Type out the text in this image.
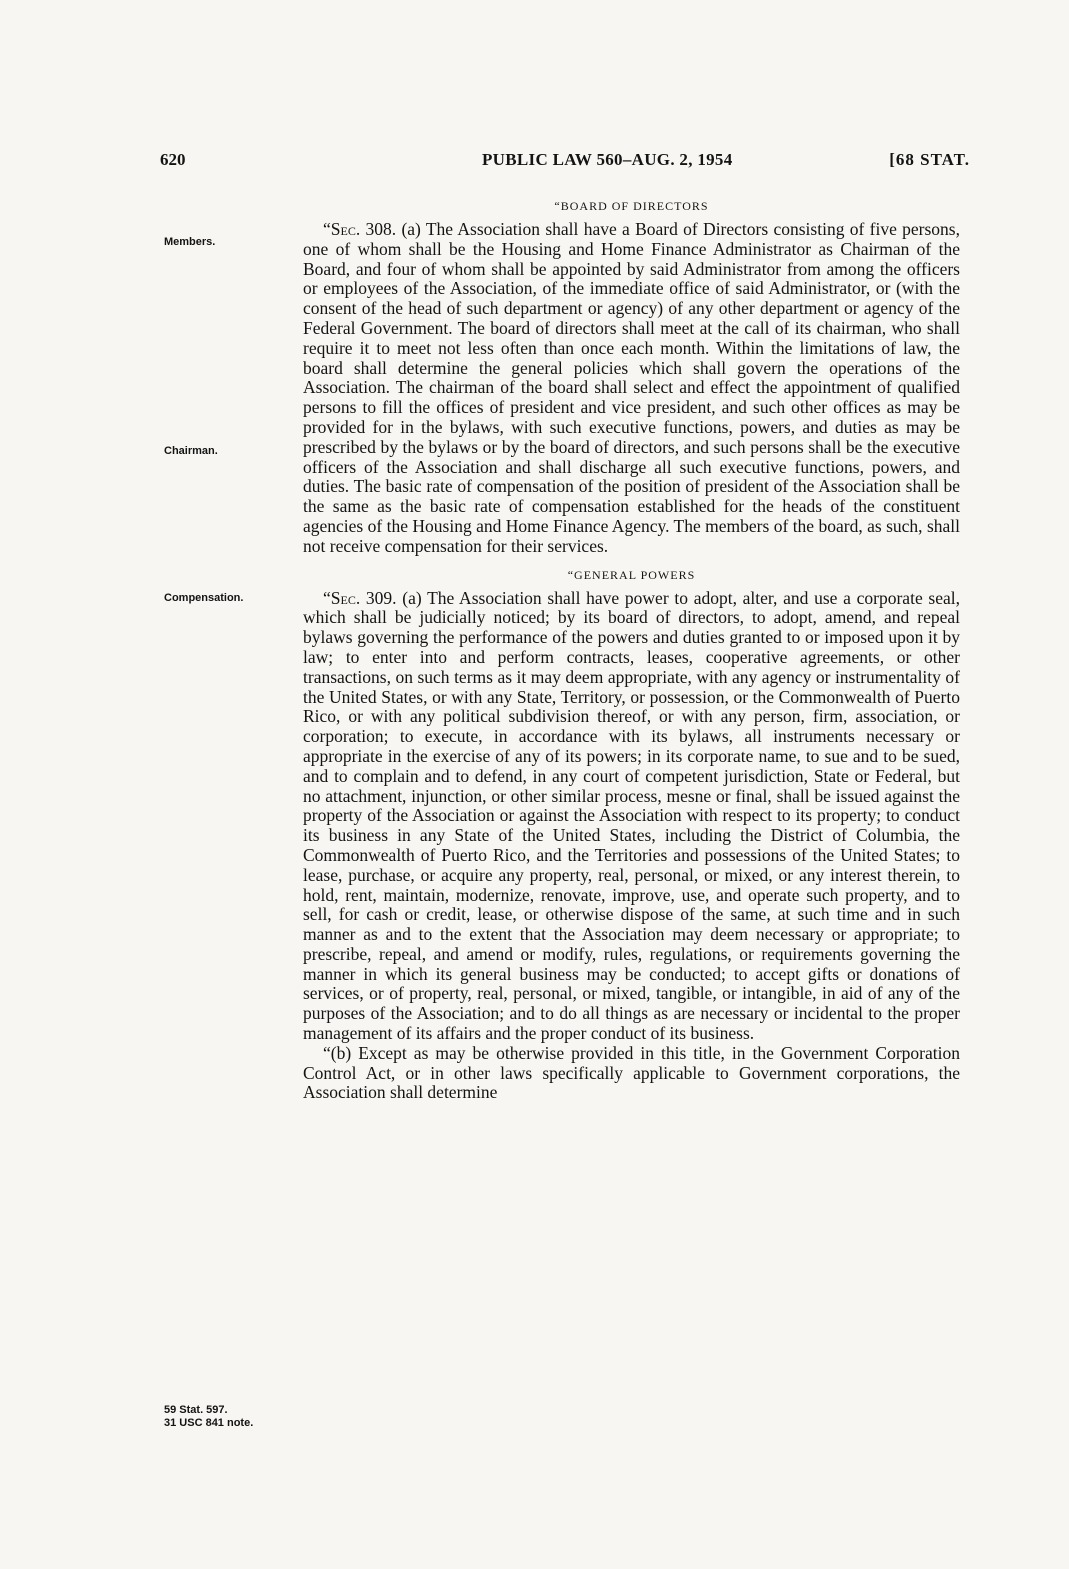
620	PUBLIC LAW 560–AUG. 2, 1954	[68 STAT.
Members.
Chairman.
Compensation.
59 Stat. 597.
31 USC 841 note.
“BOARD OF DIRECTORS

“Sec. 308. (a) The Association shall have a Board of Directors consisting of five persons, one of whom shall be the Housing and Home Finance Administrator as Chairman of the Board, and four of whom shall be appointed by said Administrator from among the officers or employees of the Association, of the immediate office of said Administrator, or (with the consent of the head of such department or agency) of any other department or agency of the Federal Government. The board of directors shall meet at the call of its chairman, who shall require it to meet not less often than once each month. Within the limitations of law, the board shall determine the general policies which shall govern the operations of the Association. The chairman of the board shall select and effect the appointment of qualified persons to fill the offices of president and vice president, and such other offices as may be provided for in the bylaws, with such executive functions, powers, and duties as may be prescribed by the bylaws or by the board of directors, and such persons shall be the executive officers of the Association and shall discharge all such executive functions, powers, and duties. The basic rate of compensation of the position of president of the Association shall be the same as the basic rate of compensation established for the heads of the constituent agencies of the Housing and Home Finance Agency. The members of the board, as such, shall not receive compensation for their services.

“GENERAL POWERS

“Sec. 309. (a) The Association shall have power to adopt, alter, and use a corporate seal, which shall be judicially noticed; by its board of directors, to adopt, amend, and repeal bylaws governing the performance of the powers and duties granted to or imposed upon it by law; to enter into and perform contracts, leases, cooperative agreements, or other transactions, on such terms as it may deem appropriate, with any agency or instrumentality of the United States, or with any State, Territory, or possession, or the Commonwealth of Puerto Rico, or with any political subdivision thereof, or with any person, firm, association, or corporation; to execute, in accordance with its bylaws, all instruments necessary or appropriate in the exercise of any of its powers; in its corporate name, to sue and to be sued, and to complain and to defend, in any court of competent jurisdiction, State or Federal, but no attachment, injunction, or other similar process, mesne or final, shall be issued against the property of the Association or against the Association with respect to its property; to conduct its business in any State of the United States, including the District of Columbia, the Commonwealth of Puerto Rico, and the Territories and possessions of the United States; to lease, purchase, or acquire any property, real, personal, or mixed, or any interest therein, to hold, rent, maintain, modernize, renovate, improve, use, and operate such property, and to sell, for cash or credit, lease, or otherwise dispose of the same, at such time and in such manner as and to the extent that the Association may deem necessary or appropriate; to prescribe, repeal, and amend or modify, rules, regulations, or requirements governing the manner in which its general business may be conducted; to accept gifts or donations of services, or of property, real, personal, or mixed, tangible, or intangible, in aid of any of the purposes of the Association; and to do all things as are necessary or incidental to the proper management of its affairs and the proper conduct of its business.

“(b) Except as may be otherwise provided in this title, in the Government Corporation Control Act, or in other laws specifically applicable to Government corporations, the Association shall determine
